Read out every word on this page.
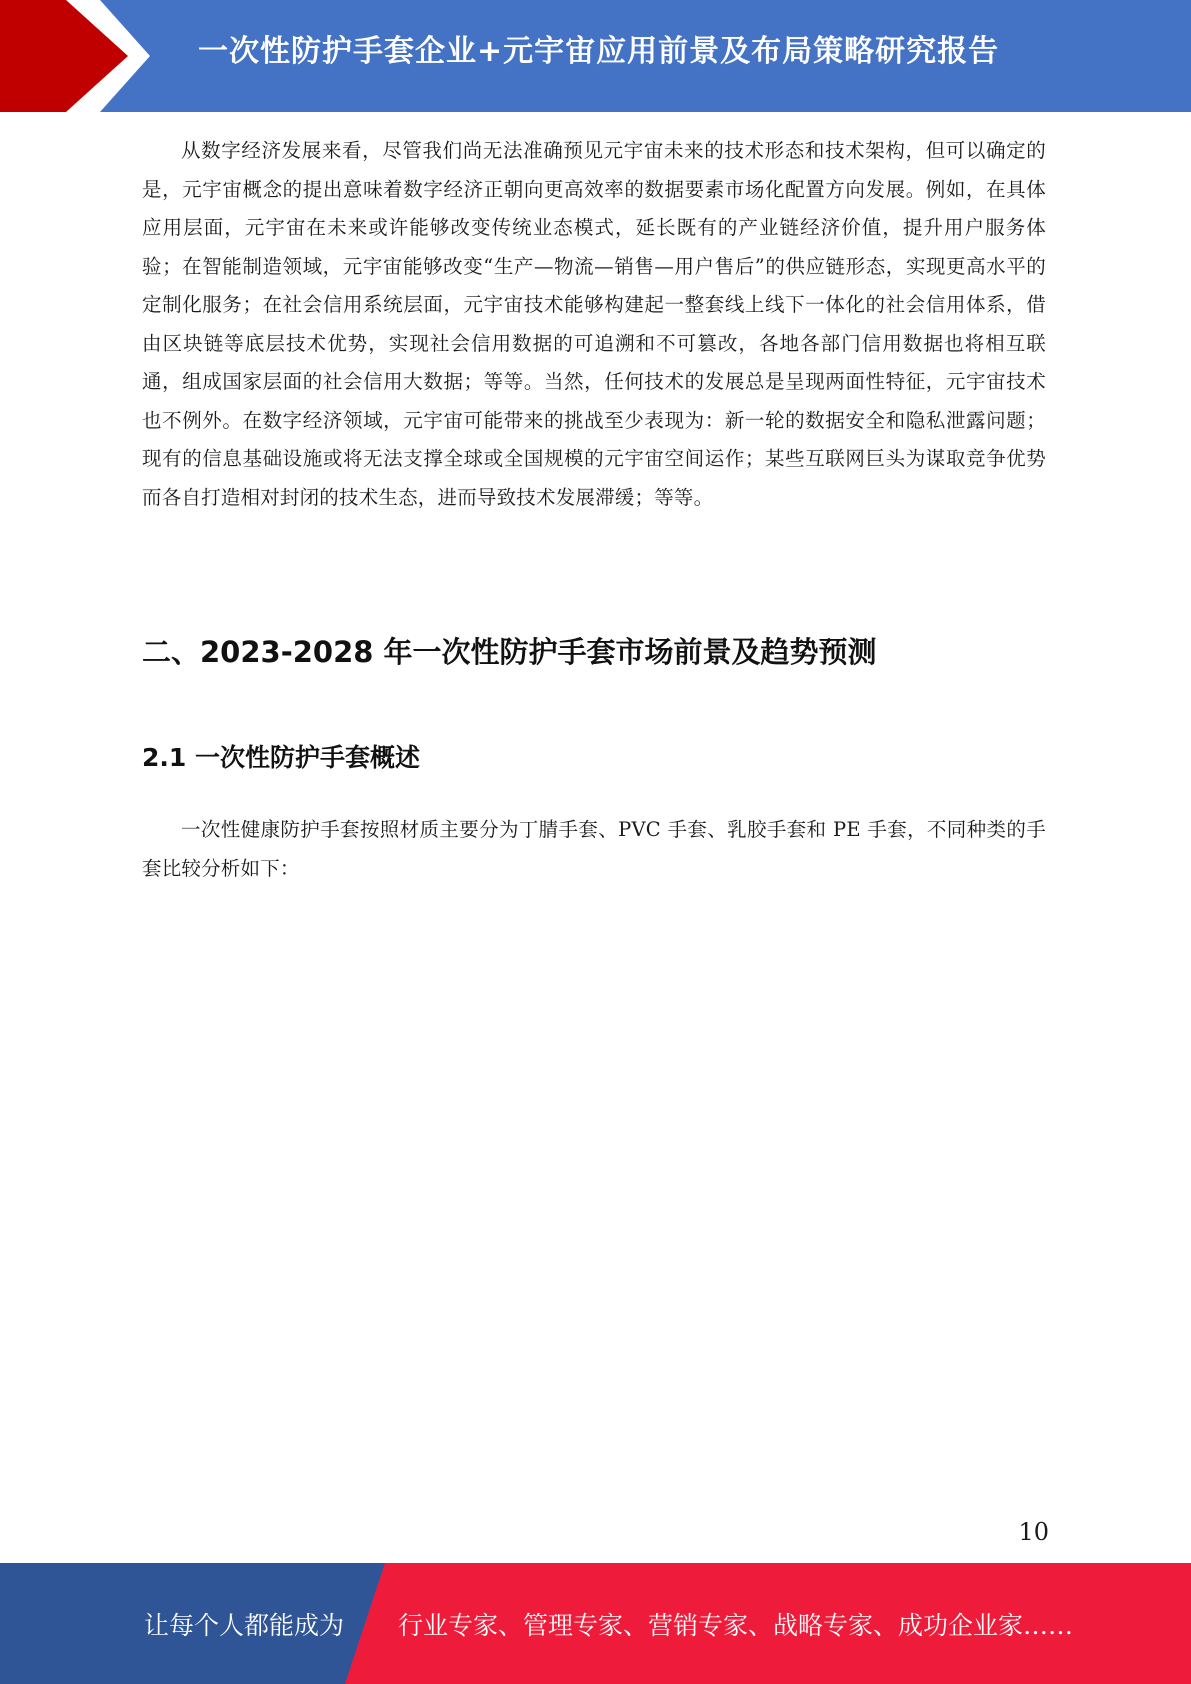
一次性防护手套企业+元宇宙应用前景及布局策略研究报告

从数字经济发展来看，尽管我们尚无法准确预见元宇宙未来的技术形态和技术架构，但可以确定的是，元宇宙概念的提出意味着数字经济正朝向更高效率的数据要素市场化配置方向发展。例如，在具体应用层面，元宇宙在未来或许能够改变传统业态模式，延长既有的产业链经济价值，提升用户服务体验；在智能制造领域，元宇宙能够改变“生产—物流—销售—用户售后”的供应链形态，实现更高水平的定制化服务；在社会信用系统层面，元宇宙技术能够构建起一整套线上线下一体化的社会信用体系，借由区块链等底层技术优势，实现社会信用数据的可追溯和不可篡改，各地各部门信用数据也将相互联通，组成国家层面的社会信用大数据；等等。当然，任何技术的发展总是呈现两面性特征，元宇宙技术也不例外。在数字经济领域，元宇宙可能带来的挑战至少表现为：新一轮的数据安全和隐私泄露问题；现有的信息基础设施或将无法支撑全球或全国规模的元宇宙空间运作；某些互联网巨头为谋取竞争优势而各自打造相对封闭的技术生态，进而导致技术发展滞缓；等等。

二、2023-2028 年一次性防护手套市场前景及趋势预测
2.1 一次性防护手套概述

一次性健康防护手套按照材质主要分为丁腈手套、PVC 手套、乳胶手套和 PE 手套，不同种类的手套比较分析如下：

10
让每个人都能成为 行业专家、管理专家、营销专家、战略专家、成功企业家……
